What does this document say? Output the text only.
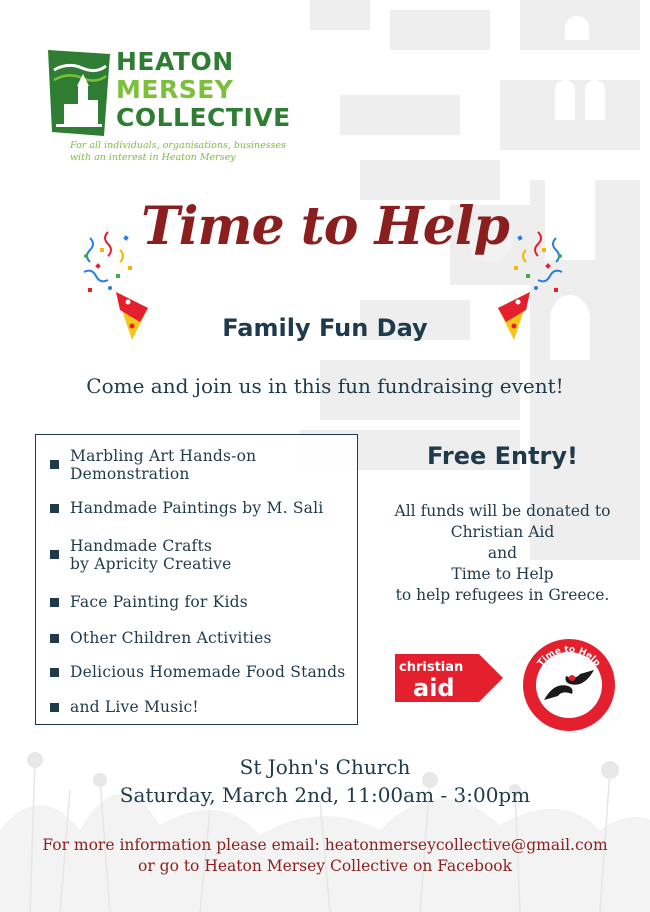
HEATON
MERSEY
COLLECTIVE
For all individuals, organisations, businesses
with an interest in Heaton Mersey
Time to Help
Family Fun Day
Come and join us in this fun fundraising event!
Marbling Art Hands-on
Demonstration
Handmade Paintings by M. Sali
Handmade Crafts
by Apricity Creative
Face Painting for Kids
Other Children Activities
Delicious Homemade Food Stands
and Live Music!
Free Entry!
All funds will be donated to
Christian Aid
and
Time to Help
to help refugees in Greece.
christian
aid
Time to Help
St John's Church
Saturday, March 2nd, 11:00am - 3:00pm
For more information please email: heatonmerseycollective@gmail.com
or go to Heaton Mersey Collective on Facebook
